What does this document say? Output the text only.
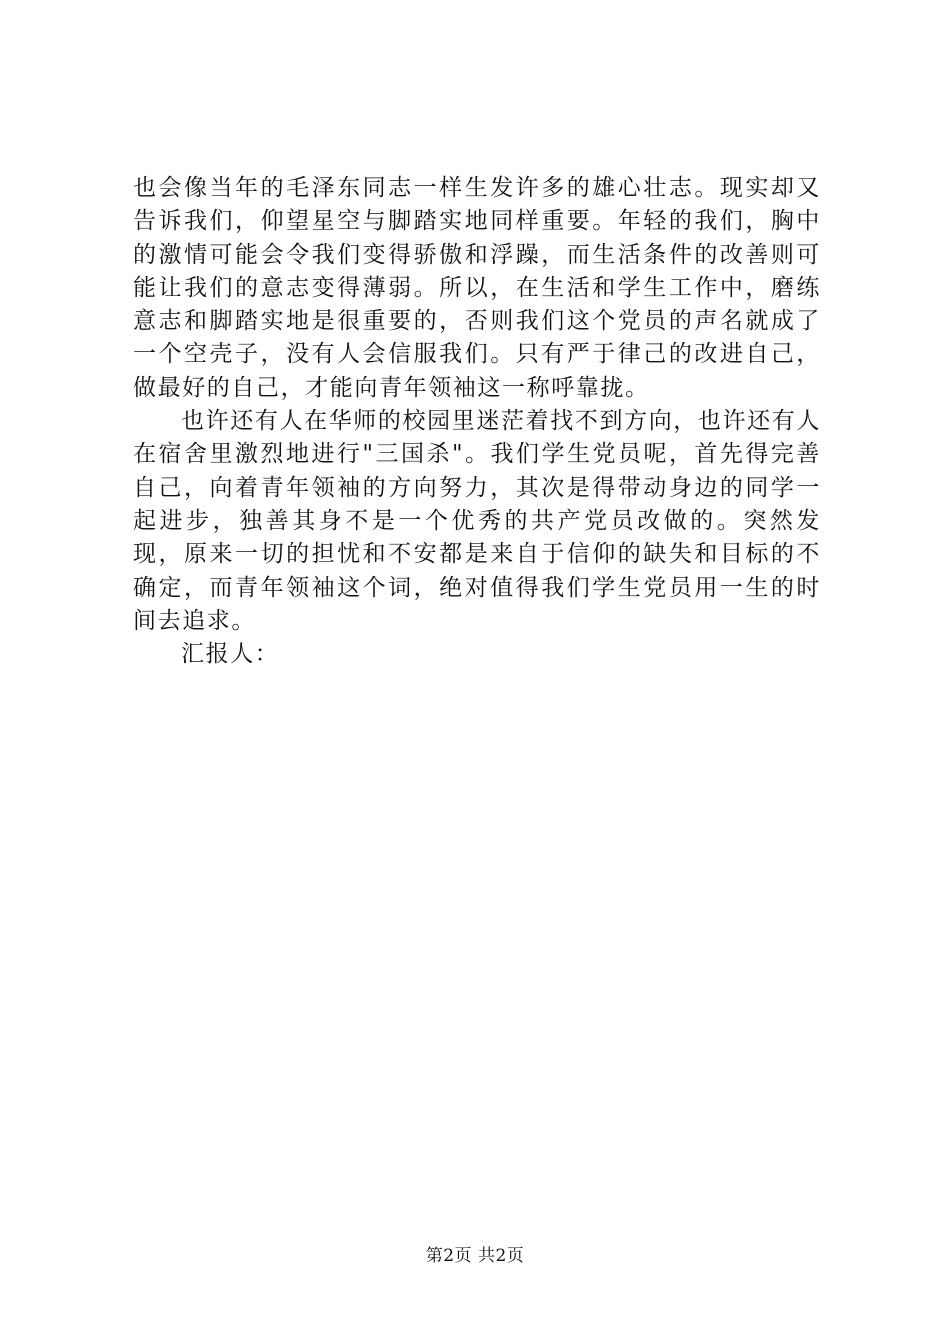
也会像当年的毛泽东同志一样生发许多的雄心壮志。现实却又告诉我们，仰望星空与脚踏实地同样重要。年轻的我们，胸中的激情可能会令我们变得骄傲和浮躁，而生活条件的改善则可能让我们的意志变得薄弱。所以，在生活和学生工作中，磨练意志和脚踏实地是很重要的，否则我们这个党员的声名就成了一个空壳子，没有人会信服我们。只有严于律己的改进自己，做最好的自己，才能向青年领袖这一称呼靠拢。

也许还有人在华师的校园里迷茫着找不到方向，也许还有人在宿舍里激烈地进行"三国杀"。我们学生党员呢，首先得完善自己，向着青年领袖的方向努力，其次是得带动身边的同学一起进步，独善其身不是一个优秀的共产党员改做的。突然发现，原来一切的担忧和不安都是来自于信仰的缺失和目标的不确定，而青年领袖这个词，绝对值得我们学生党员用一生的时间去追求。

汇报人：

第2页 共2页
